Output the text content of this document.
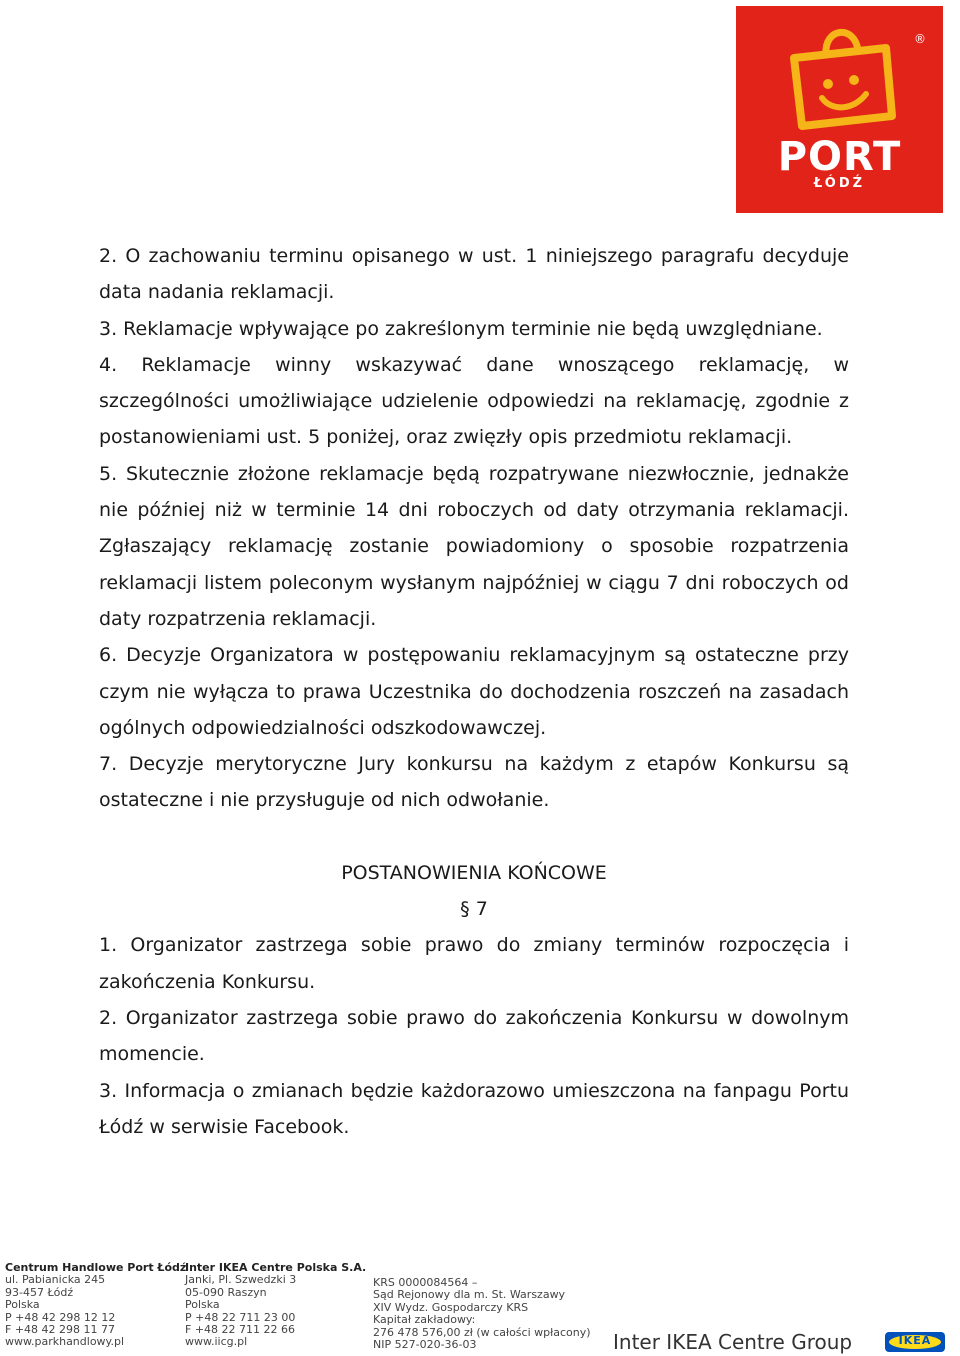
®
PORT
ŁÓDŹ

2. O zachowaniu terminu opisanego w ust. 1 niniejszego paragrafu decyduje data nadania reklamacji.

3. Reklamacje wpływające po zakreślonym terminie nie będą uwzględniane.

4. Reklamacje winny wskazywać dane wnoszącego reklamację, w szczególności umożliwiające udzielenie odpowiedzi na reklamację, zgodnie z postanowieniami ust. 5 poniżej, oraz zwięzły opis przedmiotu reklamacji.

5. Skutecznie złożone reklamacje będą rozpatrywane niezwłocznie, jednakże nie później niż w terminie 14 dni roboczych od daty otrzymania reklamacji. Zgłaszający reklamację zostanie powiadomiony o sposobie rozpatrzenia reklamacji listem poleconym wysłanym najpóźniej w ciągu 7 dni roboczych od daty rozpatrzenia reklamacji.

6. Decyzje Organizatora w postępowaniu reklamacyjnym są ostateczne przy czym nie wyłącza to prawa Uczestnika do dochodzenia roszczeń na zasadach ogólnych odpowiedzialności odszkodowawczej.

7. Decyzje merytoryczne Jury konkursu na każdym z etapów Konkursu są ostateczne i nie przysługuje od nich odwołanie.

POSTANOWIENIA KOŃCOWE

§ 7

1. Organizator zastrzega sobie prawo do zmiany terminów rozpoczęcia i zakończenia Konkursu.

2. Organizator zastrzega sobie prawo do zakończenia Konkursu w dowolnym momencie.

3. Informacja o zmianach będzie każdorazowo umieszczona na fanpagu Portu Łódź w serwisie Facebook.

Centrum Handlowe Port Łódź
ul. Pabianicka 245
93-457 Łódź
Polska
P +48 42 298 12 12
F +48 42 298 11 77
www.parkhandlowy.pl
Inter IKEA Centre Polska S.A.
Janki, Pl. Szwedzki 3
05-090 Raszyn
Polska
P +48 22 711 23 00
F +48 22 711 22 66
www.iicg.pl
KRS 0000084564 –
Sąd Rejonowy dla m. St. Warszawy
XIV Wydz. Gospodarczy KRS
Kapitał zakładowy:
276 478 576,00 zł (w całości wpłacony)
NIP 527-020-36-03	Inter IKEA Centre Group	IKEA
